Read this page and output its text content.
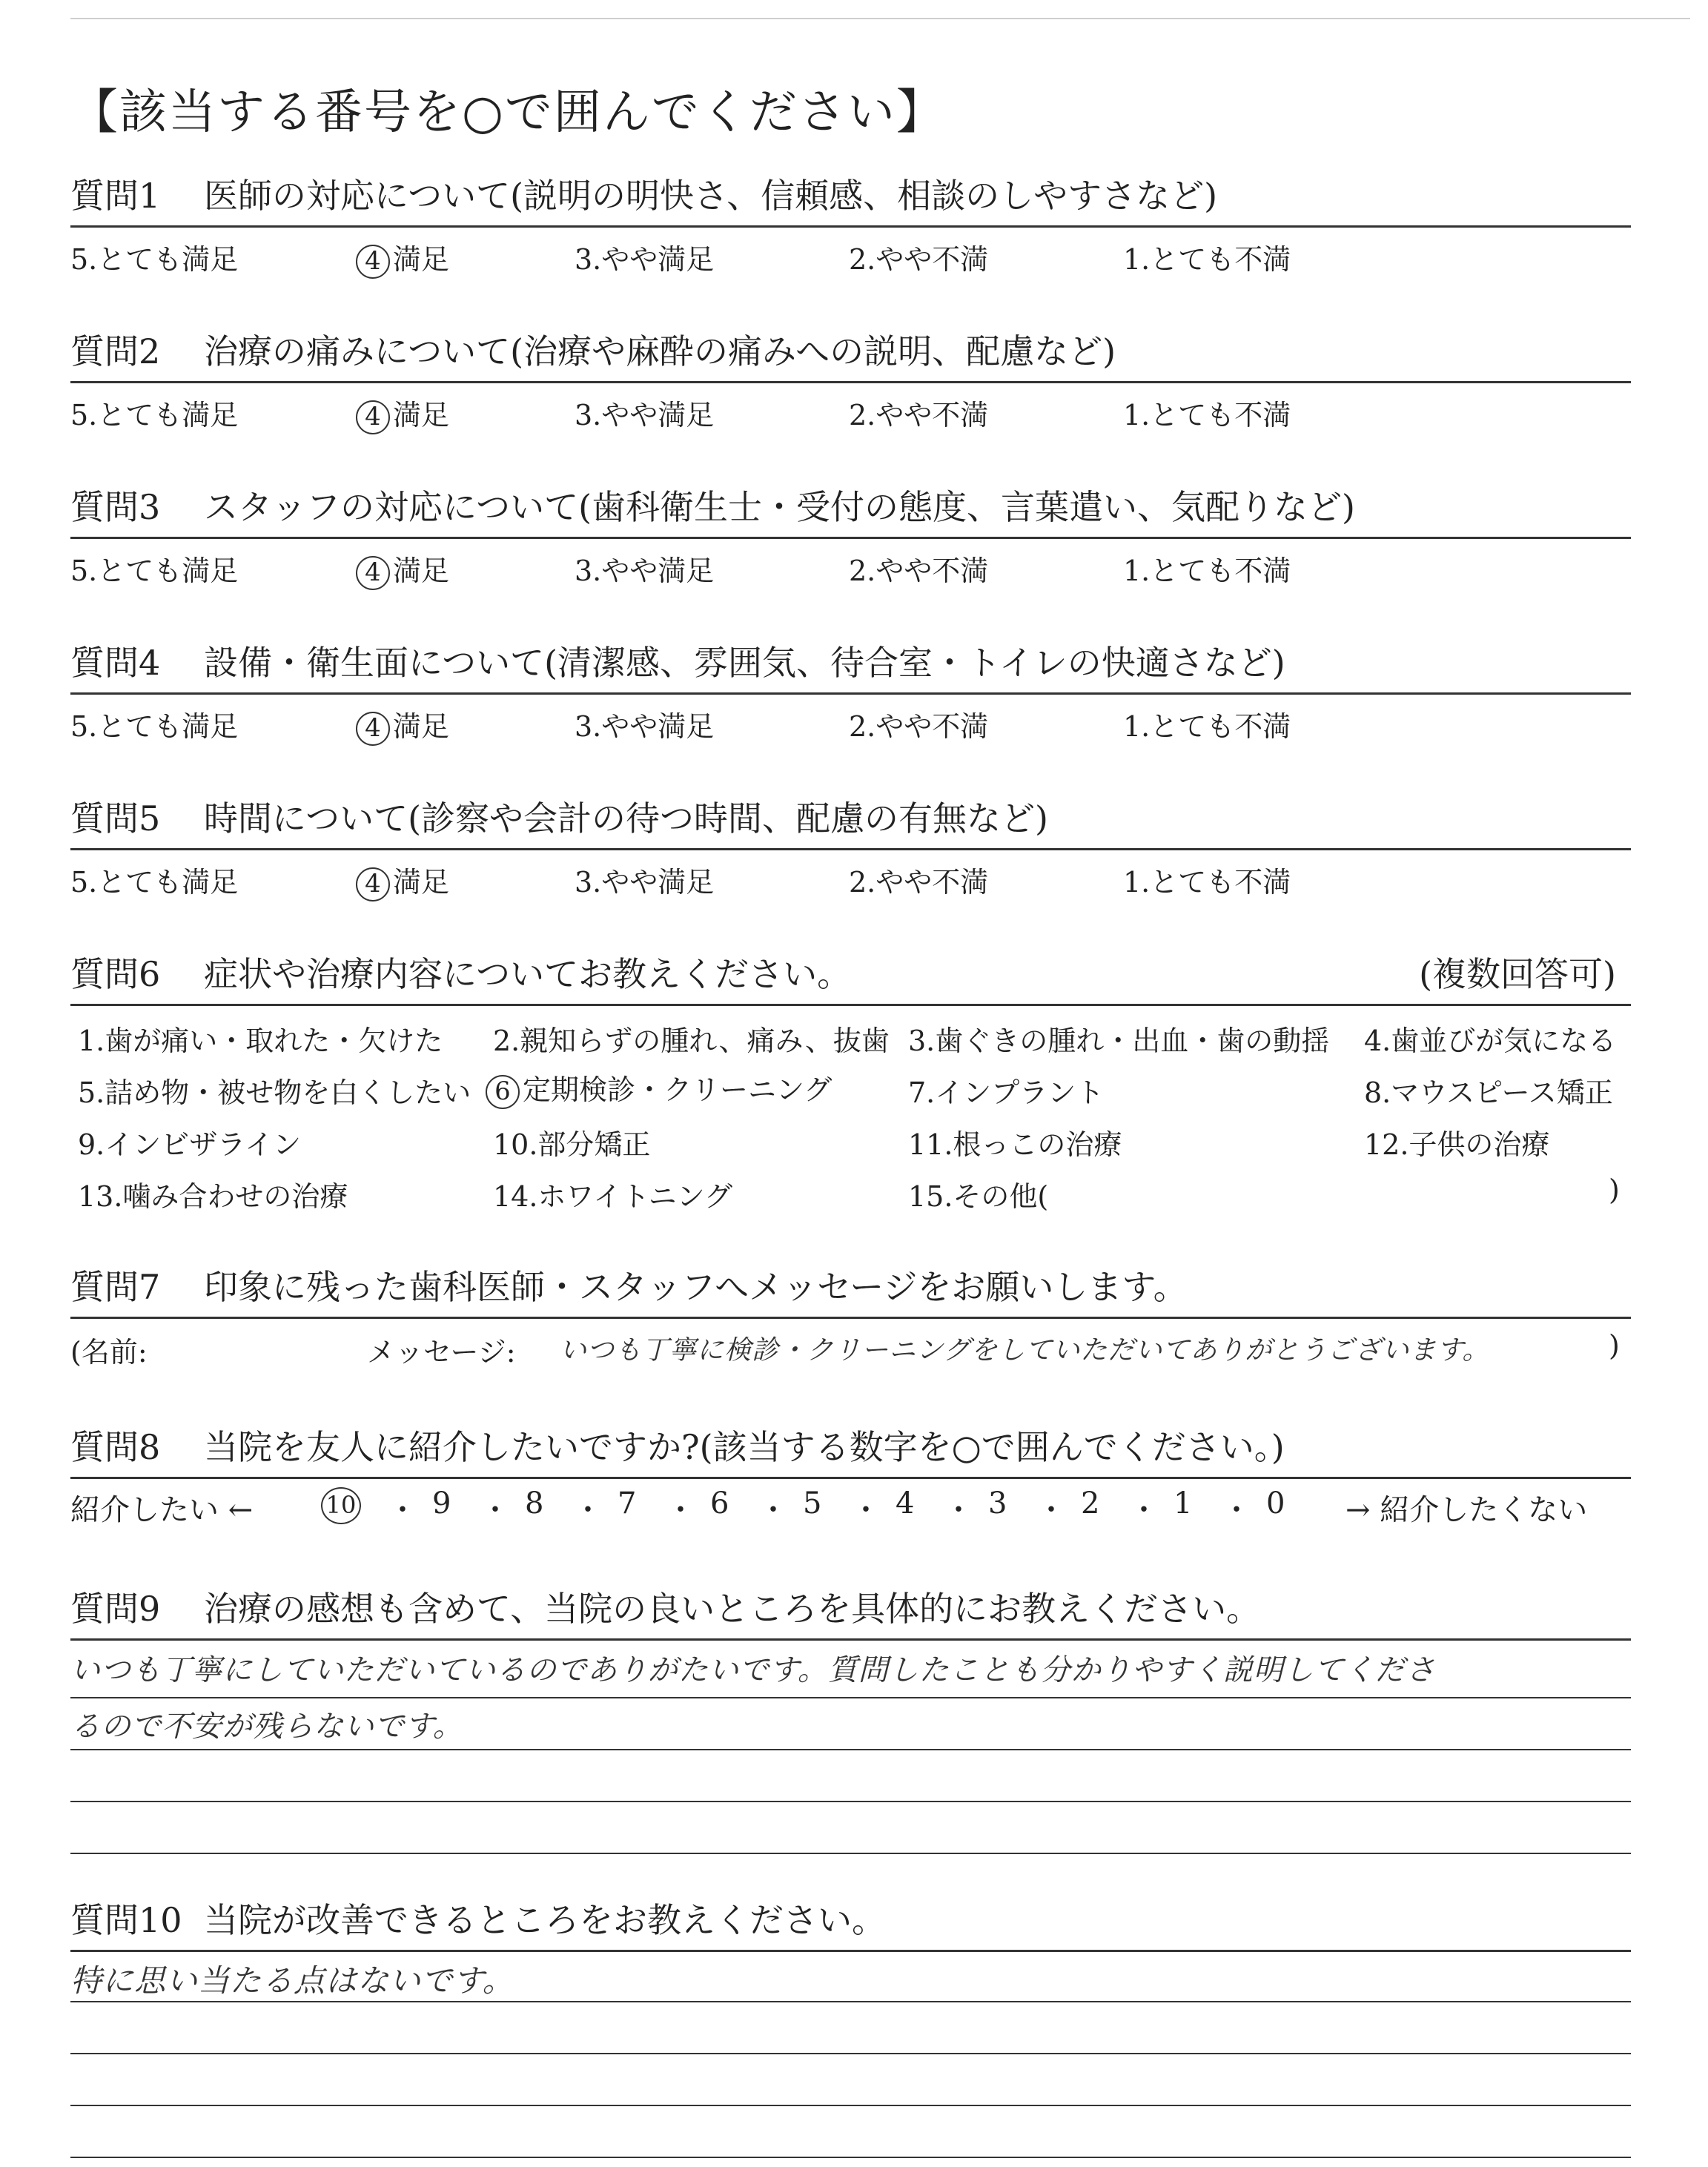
【該当する番号を○で囲んでください】
質問1	医師の対応について(説明の明快さ、信頼感、相談のしやすさなど)
5.とても満足	4 満足	3.やや満足	2.やや不満	1.とても不満
質問2	治療の痛みについて(治療や麻酔の痛みへの説明、配慮など)
5.とても満足	4 満足	3.やや満足	2.やや不満	1.とても不満
質問3	スタッフの対応について(歯科衛生士・受付の態度、言葉遣い、気配りなど)
5.とても満足	4 満足	3.やや満足	2.やや不満	1.とても不満
質問4	設備・衛生面について(清潔感、雰囲気、待合室・トイレの快適さなど)
5.とても満足	4 満足	3.やや満足	2.やや不満	1.とても不満
質問5	時間について(診察や会計の待つ時間、配慮の有無など)
5.とても満足	4 満足	3.やや満足	2.やや不満	1.とても不満
質問6	症状や治療内容についてお教えください。	(複数回答可)
1.歯が痛い・取れた・欠けた 2.親知らずの腫れ、痛み、抜歯 3.歯ぐきの腫れ・出血・歯の動揺 4.歯並びが気になる
5.詰め物・被せ物を白くしたい 6 定期検診・クリーニング	7.インプラント	8.マウスピース矯正
9.インビザライン	10.部分矯正	11.根っこの治療	12.子供の治療
13.噛み合わせの治療	14.ホワイトニング	15.その他(	)
質問7	印象に残った歯科医師・スタッフへメッセージをお願いします。
(名前:	メッセージ: いつも丁寧に検診・クリーニングをしていただいてありがとうございます。	)
質問8	当院を友人に紹介したいですか?(該当する数字を○で囲んでください。)
紹介したい ←	10 ・ 9 ・ 8 ・ 7 ・ 6 ・ 5 ・ 4 ・ 3 ・ 2 ・ 1 ・ 0 → 紹介したくない
質問9	治療の感想も含めて、当院の良いところを具体的にお教えください。
いつも丁寧にしていただいているのでありがたいです。質問したことも分かりやすく説明してくださ
るので不安が残らないです。
質問10 当院が改善できるところをお教えください。
特に思い当たる点はないです。
